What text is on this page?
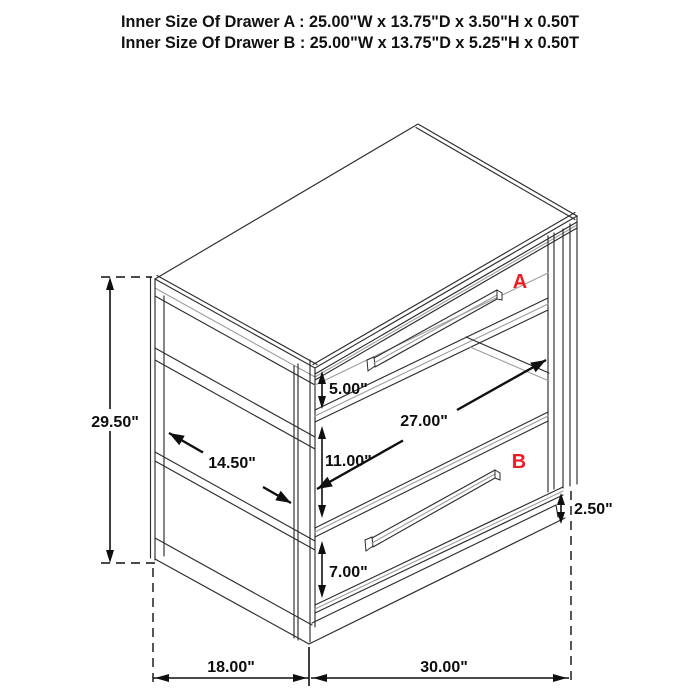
Inner Size Of Drawer A : 25.00"W x 13.75"D x 3.50"H x 0.50T
Inner Size Of Drawer B : 25.00"W x 13.75"D x 5.25"H x 0.50T
A
B
29.50"
5.00"
11.00"
7.00"
27.00"
14.50"
2.50"
18.00"	30.00"
